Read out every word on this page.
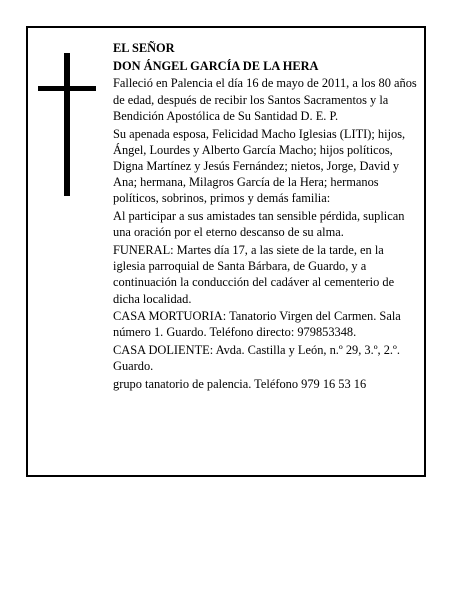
EL SEÑOR

DON ÁNGEL GARCÍA DE LA HERA

Falleció en Palencia el día 16 de mayo de 2011, a los 80 años de edad, después de recibir los Santos Sacramentos y la Bendición Apostólica de Su Santidad D. E. P.

Su apenada esposa, Felicidad Macho Iglesias (LITI); hijos, Ángel, Lourdes y Alberto García Macho; hijos políticos, Digna Martínez y Jesús Fernández; nietos, Jorge, David y Ana; hermana, Milagros García de la Hera; hermanos políticos, sobrinos, primos y demás familia:

Al participar a sus amistades tan sensible pérdida, suplican una oración por el eterno descanso de su alma.

FUNERAL: Martes día 17, a las siete de la tarde, en la iglesia parroquial de Santa Bárbara, de Guardo, y a continuación la conducción del cadáver al cementerio de dicha localidad.

CASA MORTUORIA: Tanatorio Virgen del Carmen. Sala número 1. Guardo. Teléfono directo: 979853348.

CASA DOLIENTE: Avda. Castilla y León, n.º 29, 3.º, 2.º. Guardo.

grupo tanatorio de palencia. Teléfono 979 16 53 16
